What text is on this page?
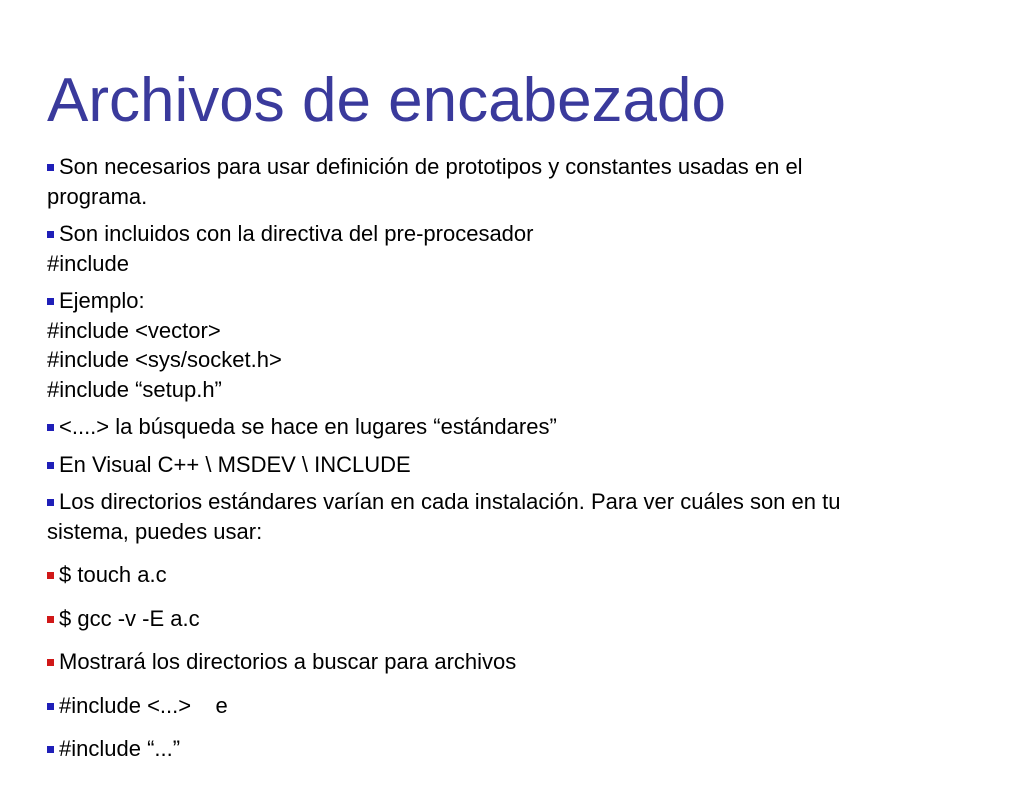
Archivos de encabezado
Son necesarios para usar definición de prototipos y constantes usadas en el
programa.
Son incluidos con la directiva del pre-procesador
#include
Ejemplo:
#include <vector>
#include <sys/socket.h>
#include “setup.h”
<....> la búsqueda se hace en lugares “estándares”
En Visual C++ \ MSDEV \ INCLUDE
Los directorios estándares varían en cada instalación. Para ver cuáles son en tu
sistema, puedes usar:
$ touch a.c
$ gcc -v -E a.c
Mostrará los directorios a buscar para archivos
#include <...>    e
#include “...”
